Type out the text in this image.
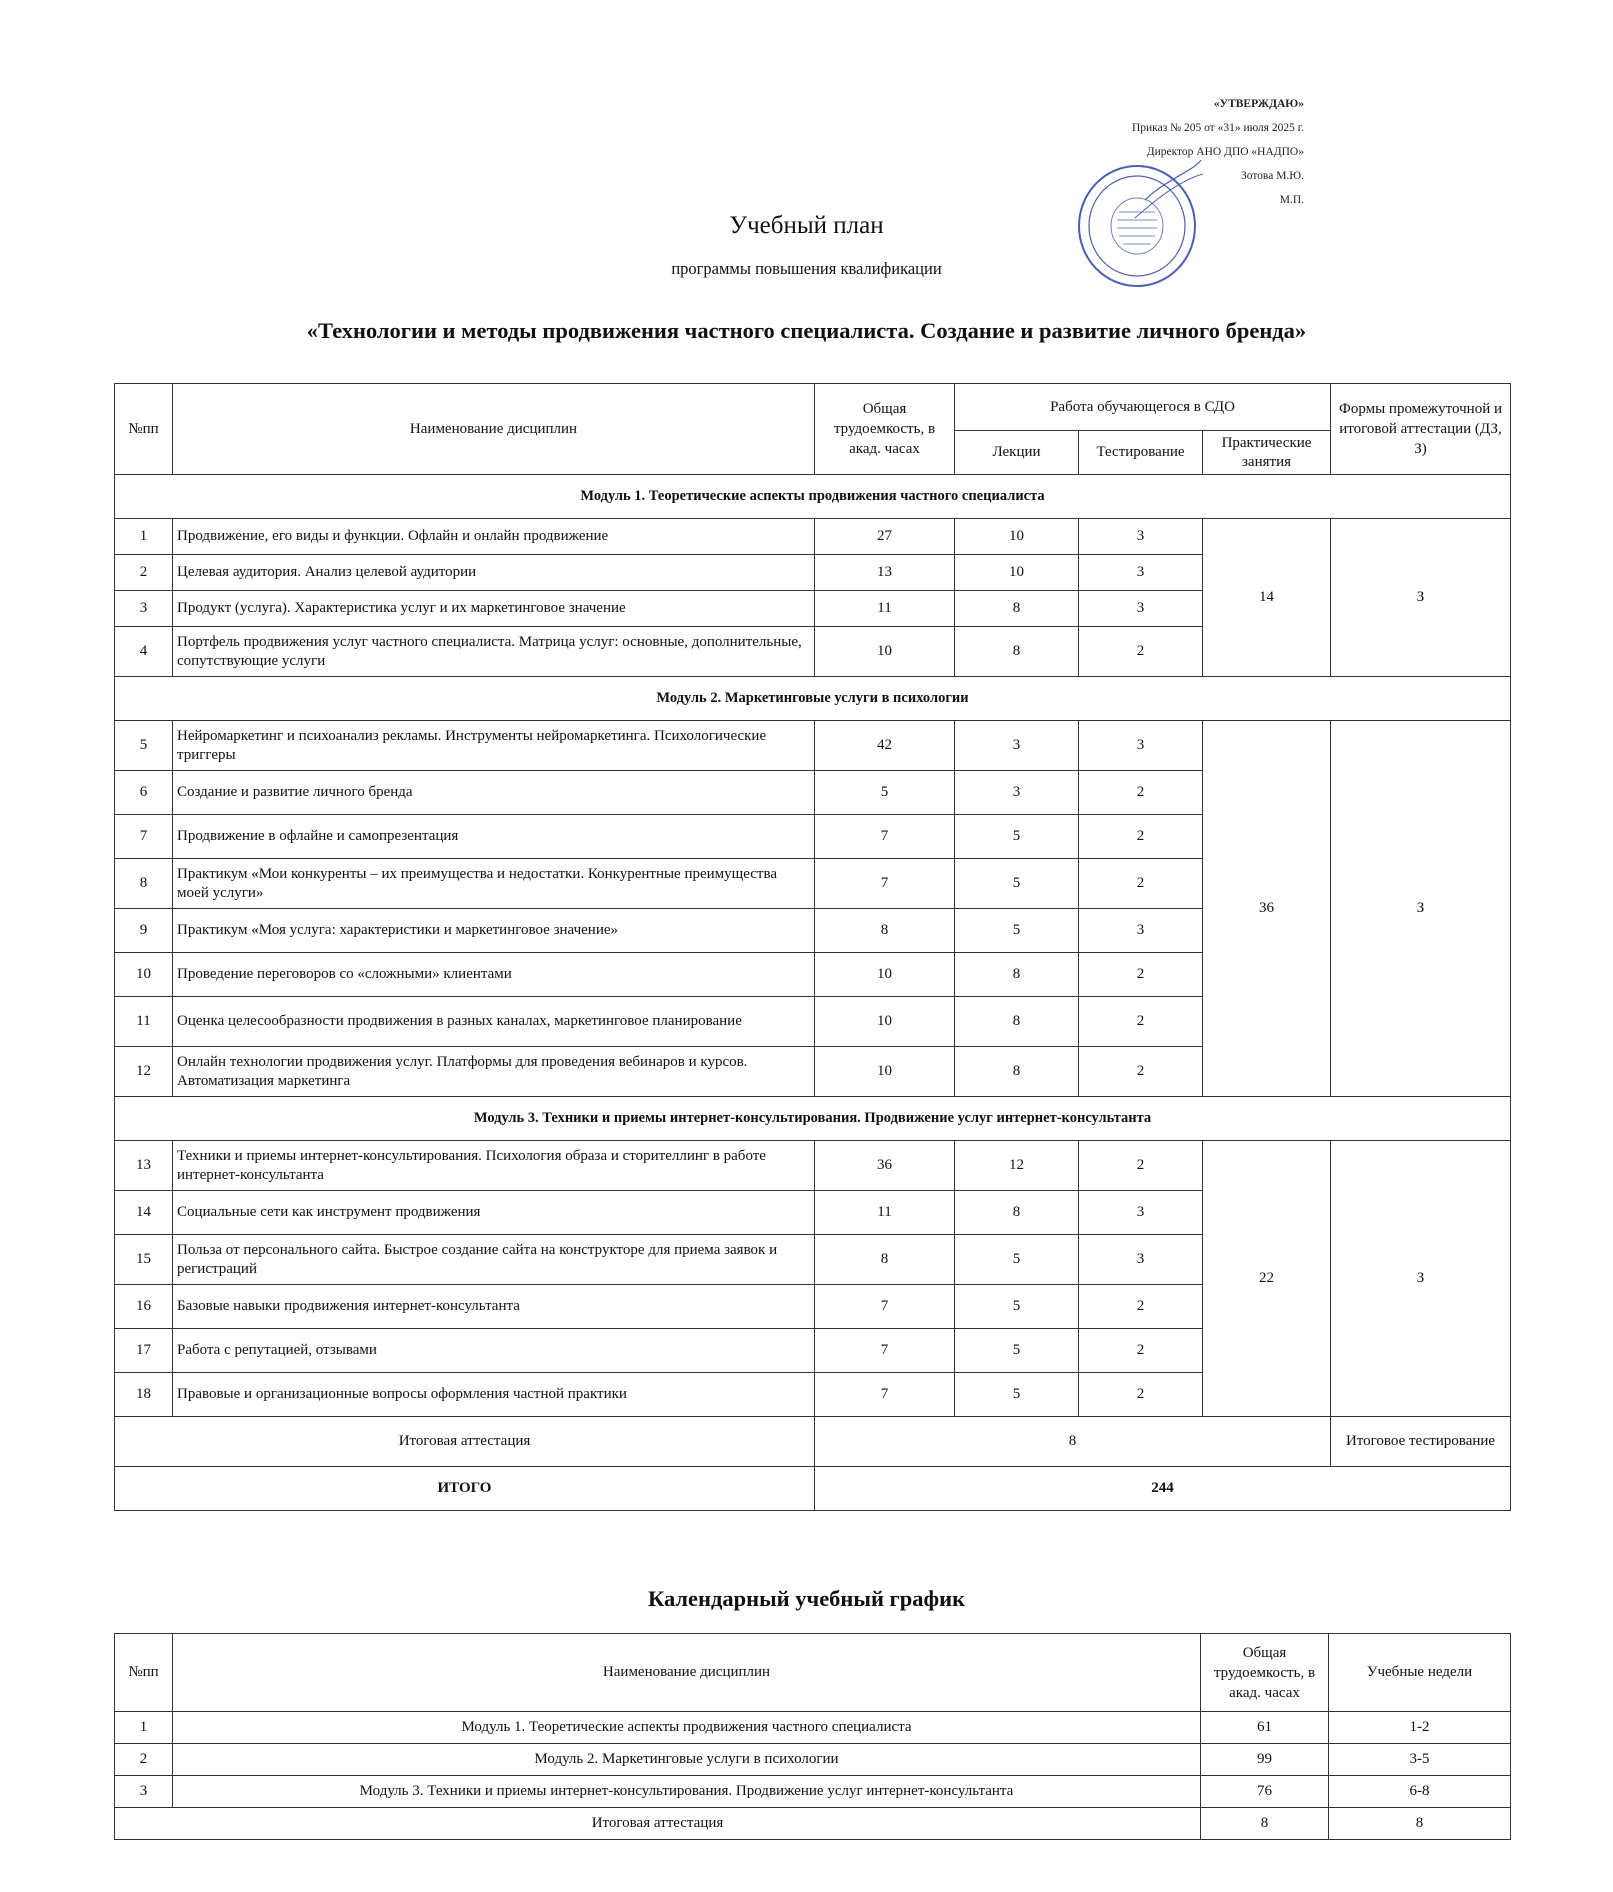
«УТВЕРЖДАЮ»
Приказ № 205 от «31» июля 2025 г.
Директор АНО ДПО «НАДПО»
Зотова М.Ю.
М.П.
Учебный план
программы повышения квалификации
«Технологии и методы продвижения частного специалиста. Создание и развитие личного бренда»
№пп	Наименование дисциплин	Общая трудоемкость, в акад. часах	Работа обучающегося в СДО			Формы промежуточной и итоговой аттестации (ДЗ, З)
			Лекции	Тестирование	Практические занятия	
Модуль 1. Теоретические аспекты продвижения частного специалиста						
1	Продвижение, его виды и функции. Офлайн и онлайн продвижение	27	10	3	14	З
2	Целевая аудитория. Анализ целевой аудитории	13	10	3		
3	Продукт (услуга). Характеристика услуг и их маркетинговое значение	11	8	3		
4	Портфель продвижения услуг частного специалиста. Матрица услуг: основные, дополнительные, сопутствующие услуги	10	8	2		
Модуль 2. Маркетинговые услуги в психологии						
5	Нейромаркетинг и психоанализ рекламы. Инструменты нейромаркетинга. Психологические триггеры	42	3	3	36	З
6	Создание и развитие личного бренда	5	3	2		
7	Продвижение в офлайне и самопрезентация	7	5	2		
8	Практикум «Мои конкуренты – их преимущества и недостатки. Конкурентные преимущества моей услуги»	7	5	2		
9	Практикум «Моя услуга: характеристики и маркетинговое значение»	8	5	3		
10	Проведение переговоров со «сложными» клиентами	10	8	2		
11	Оценка целесообразности продвижения в разных каналах, маркетинговое планирование	10	8	2		
12	Онлайн технологии продвижения услуг. Платформы для проведения вебинаров и курсов. Автоматизация маркетинга	10	8	2		
Модуль 3. Техники и приемы интернет-консультирования. Продвижение услуг интернет-консультанта						
13	Техники и приемы интернет-консультирования. Психология образа и сторителлинг в работе интернет-консультанта	36	12	2	22	З
14	Социальные сети как инструмент продвижения	11	8	3		
15	Польза от персонального сайта. Быстрое создание сайта на конструкторе для приема заявок и регистраций	8	5	3		
16	Базовые навыки продвижения интернет-консультанта	7	5	2		
17	Работа с репутацией, отзывами	7	5	2		
18	Правовые и организационные вопросы оформления частной практики	7	5	2		
Итоговая аттестация		8				Итоговое тестирование
ИТОГО		244				
Календарный учебный график
№пп	Наименование дисциплин	Общая трудоемкость, в акад. часах	Учебные недели
1	Модуль 1. Теоретические аспекты продвижения частного специалиста	61	1-2
2	Модуль 2. Маркетинговые услуги в психологии	99	3-5
3	Модуль 3. Техники и приемы интернет-консультирования. Продвижение услуг интернет-консультанта	76	6-8
Итоговая аттестация		8	8
